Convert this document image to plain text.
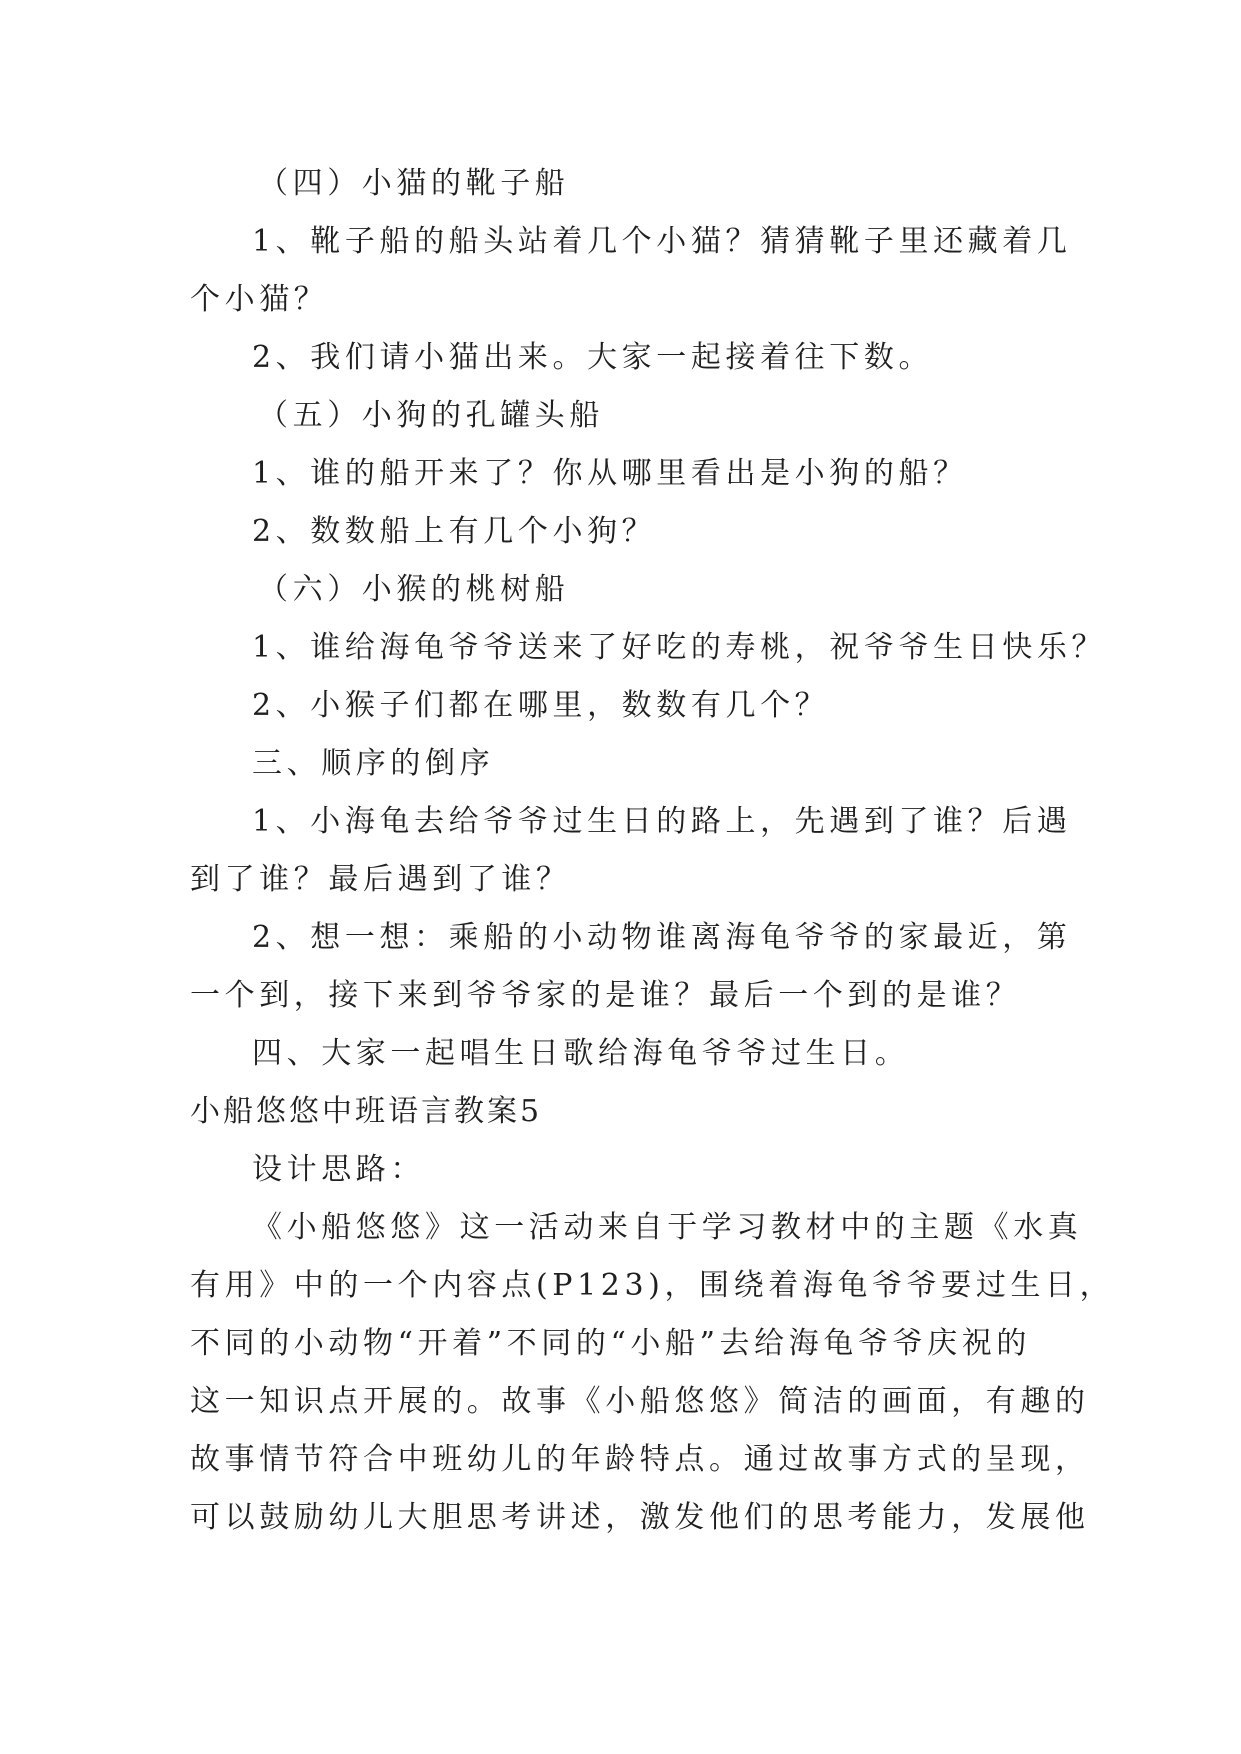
（四）小猫的靴子船
1、靴子船的船头站着几个小猫？猜猜靴子里还藏着几
个小猫？
2、我们请小猫出来。大家一起接着往下数。
（五）小狗的孔罐头船
1、谁的船开来了？你从哪里看出是小狗的船？
2、数数船上有几个小狗？
（六）小猴的桃树船
1、谁给海龟爷爷送来了好吃的寿桃，祝爷爷生日快乐？
2、小猴子们都在哪里，数数有几个？
三、顺序的倒序
1、小海龟去给爷爷过生日的路上，先遇到了谁？后遇
到了谁？最后遇到了谁？
2、想一想：乘船的小动物谁离海龟爷爷的家最近，第
一个到，接下来到爷爷家的是谁？最后一个到的是谁？
四、大家一起唱生日歌给海龟爷爷过生日。
小船悠悠中班语言教案5
设计思路：
《小船悠悠》这一活动来自于学习教材中的主题《水真
有用》中的一个内容点(P123)，围绕着海龟爷爷要过生日，
不同的小动物“开着”不同的“小船”去给海龟爷爷庆祝的
这一知识点开展的。故事《小船悠悠》简洁的画面，有趣的
故事情节符合中班幼儿的年龄特点。通过故事方式的呈现，
可以鼓励幼儿大胆思考讲述，激发他们的思考能力，发展他
